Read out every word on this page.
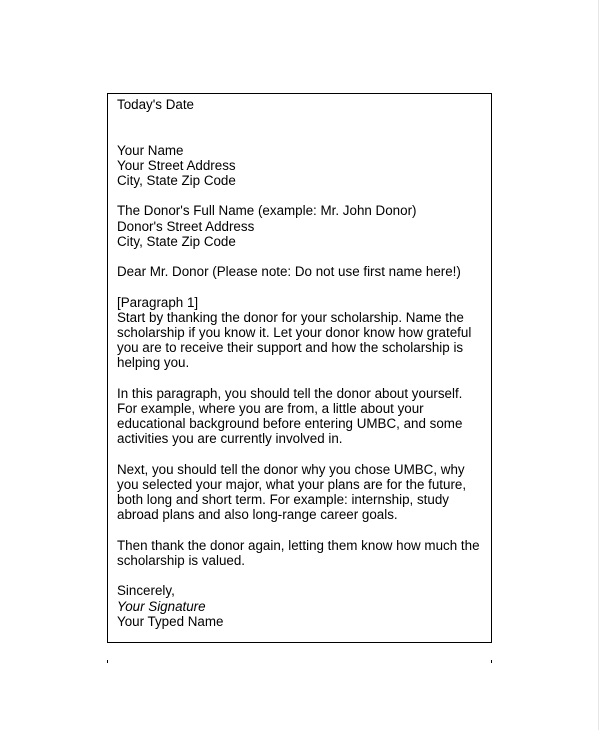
Today's Date
Your Name
Your Street Address
City, State Zip Code
The Donor's Full Name (example: Mr. John Donor)
Donor's Street Address
City, State Zip Code
Dear Mr. Donor (Please note: Do not use first name here!)
[Paragraph 1]
Start by thanking the donor for your scholarship. Name the
scholarship if you know it. Let your donor know how grateful
you are to receive their support and how the scholarship is
helping you.
In this paragraph, you should tell the donor about yourself.
For example, where you are from, a little about your
educational background before entering UMBC, and some
activities you are currently involved in.
Next, you should tell the donor why you chose UMBC, why
you selected your major, what your plans are for the future,
both long and short term. For example: internship, study
abroad plans and also long-range career goals.
Then thank the donor again, letting them know how much the
scholarship is valued.
Sincerely,
Your Signature
Your Typed Name
